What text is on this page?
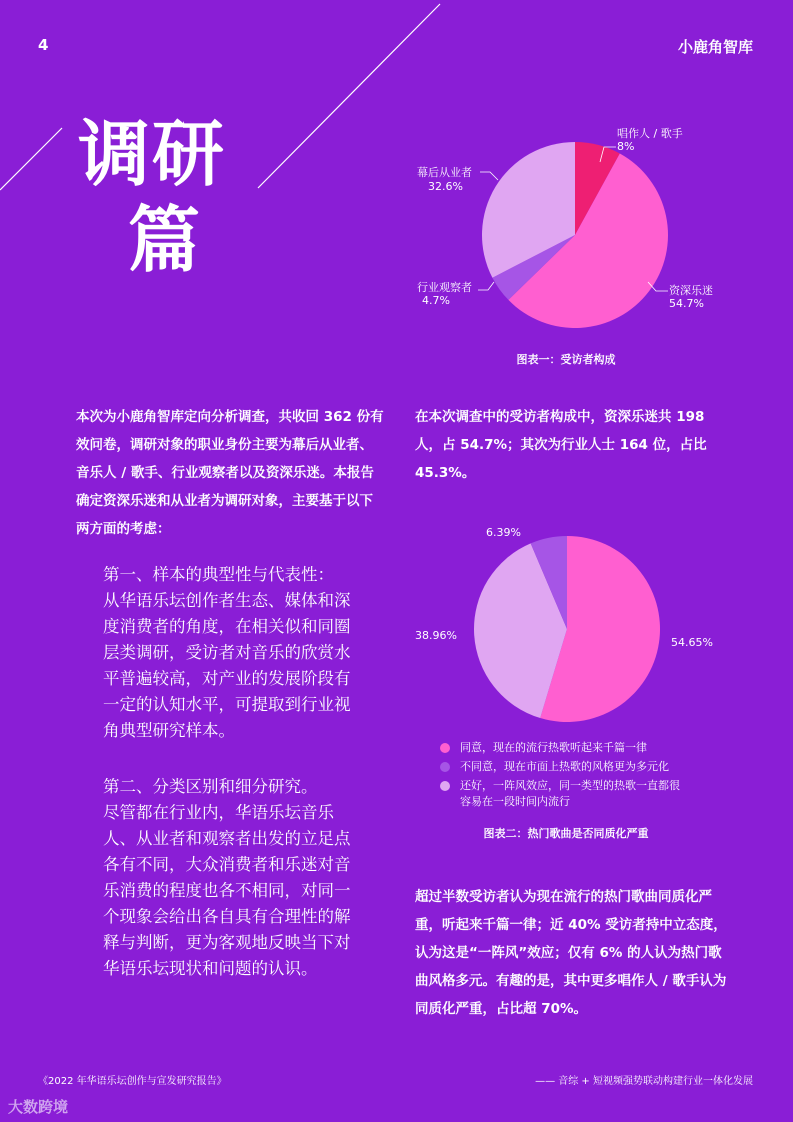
4	小鹿角智库
调研
篇
唱作人 / 歌手
8%
资深乐迷
54.7%
行业观察者
4.7%
幕后从业者
32.6%
图表一：受访者构成
本次为小鹿角智库定向分析调查，共收回 362 份有效问卷，调研对象的职业身份主要为幕后从业者、音乐人 / 歌手、行业观察者以及资深乐迷。本报告确定资深乐迷和从业者为调研对象，主要基于以下两方面的考虑：
在本次调查中的受访者构成中，资深乐迷共 198 人，占 54.7%；其次为行业人士 164 位，占比 45.3%。
第一、样本的典型性与代表性：
从华语乐坛创作者生态、媒体和深度消费者的角度，在相关似和同圈层类调研，受访者对音乐的欣赏水平普遍较高，对产业的发展阶段有一定的认知水平，可提取到行业视角典型研究样本。
第二、分类区别和细分研究。
尽管都在行业内，华语乐坛音乐人、从业者和观察者出发的立足点各有不同，大众消费者和乐迷对音乐消费的程度也各不相同，对同一个现象会给出各自具有合理性的解释与判断，更为客观地反映当下对华语乐坛现状和问题的认识。
54.65%
38.96%
6.39%
同意，现在的流行热歌听起来千篇一律
不同意，现在市面上热歌的风格更为多元化
还好，一阵风效应，同一类型的热歌一直都很容易在一段时间内流行
图表二：热门歌曲是否同质化严重
超过半数受访者认为现在流行的热门歌曲同质化严重，听起来千篇一律；近 40% 受访者持中立态度，认为这是“一阵风”效应；仅有 6% 的人认为热门歌曲风格多元。有趣的是，其中更多唱作人 / 歌手认为同质化严重，占比超 70%。
《2022 年华语乐坛创作与宣发研究报告》	—— 音综 + 短视频强势联动构建行业一体化发展
大数跨境
